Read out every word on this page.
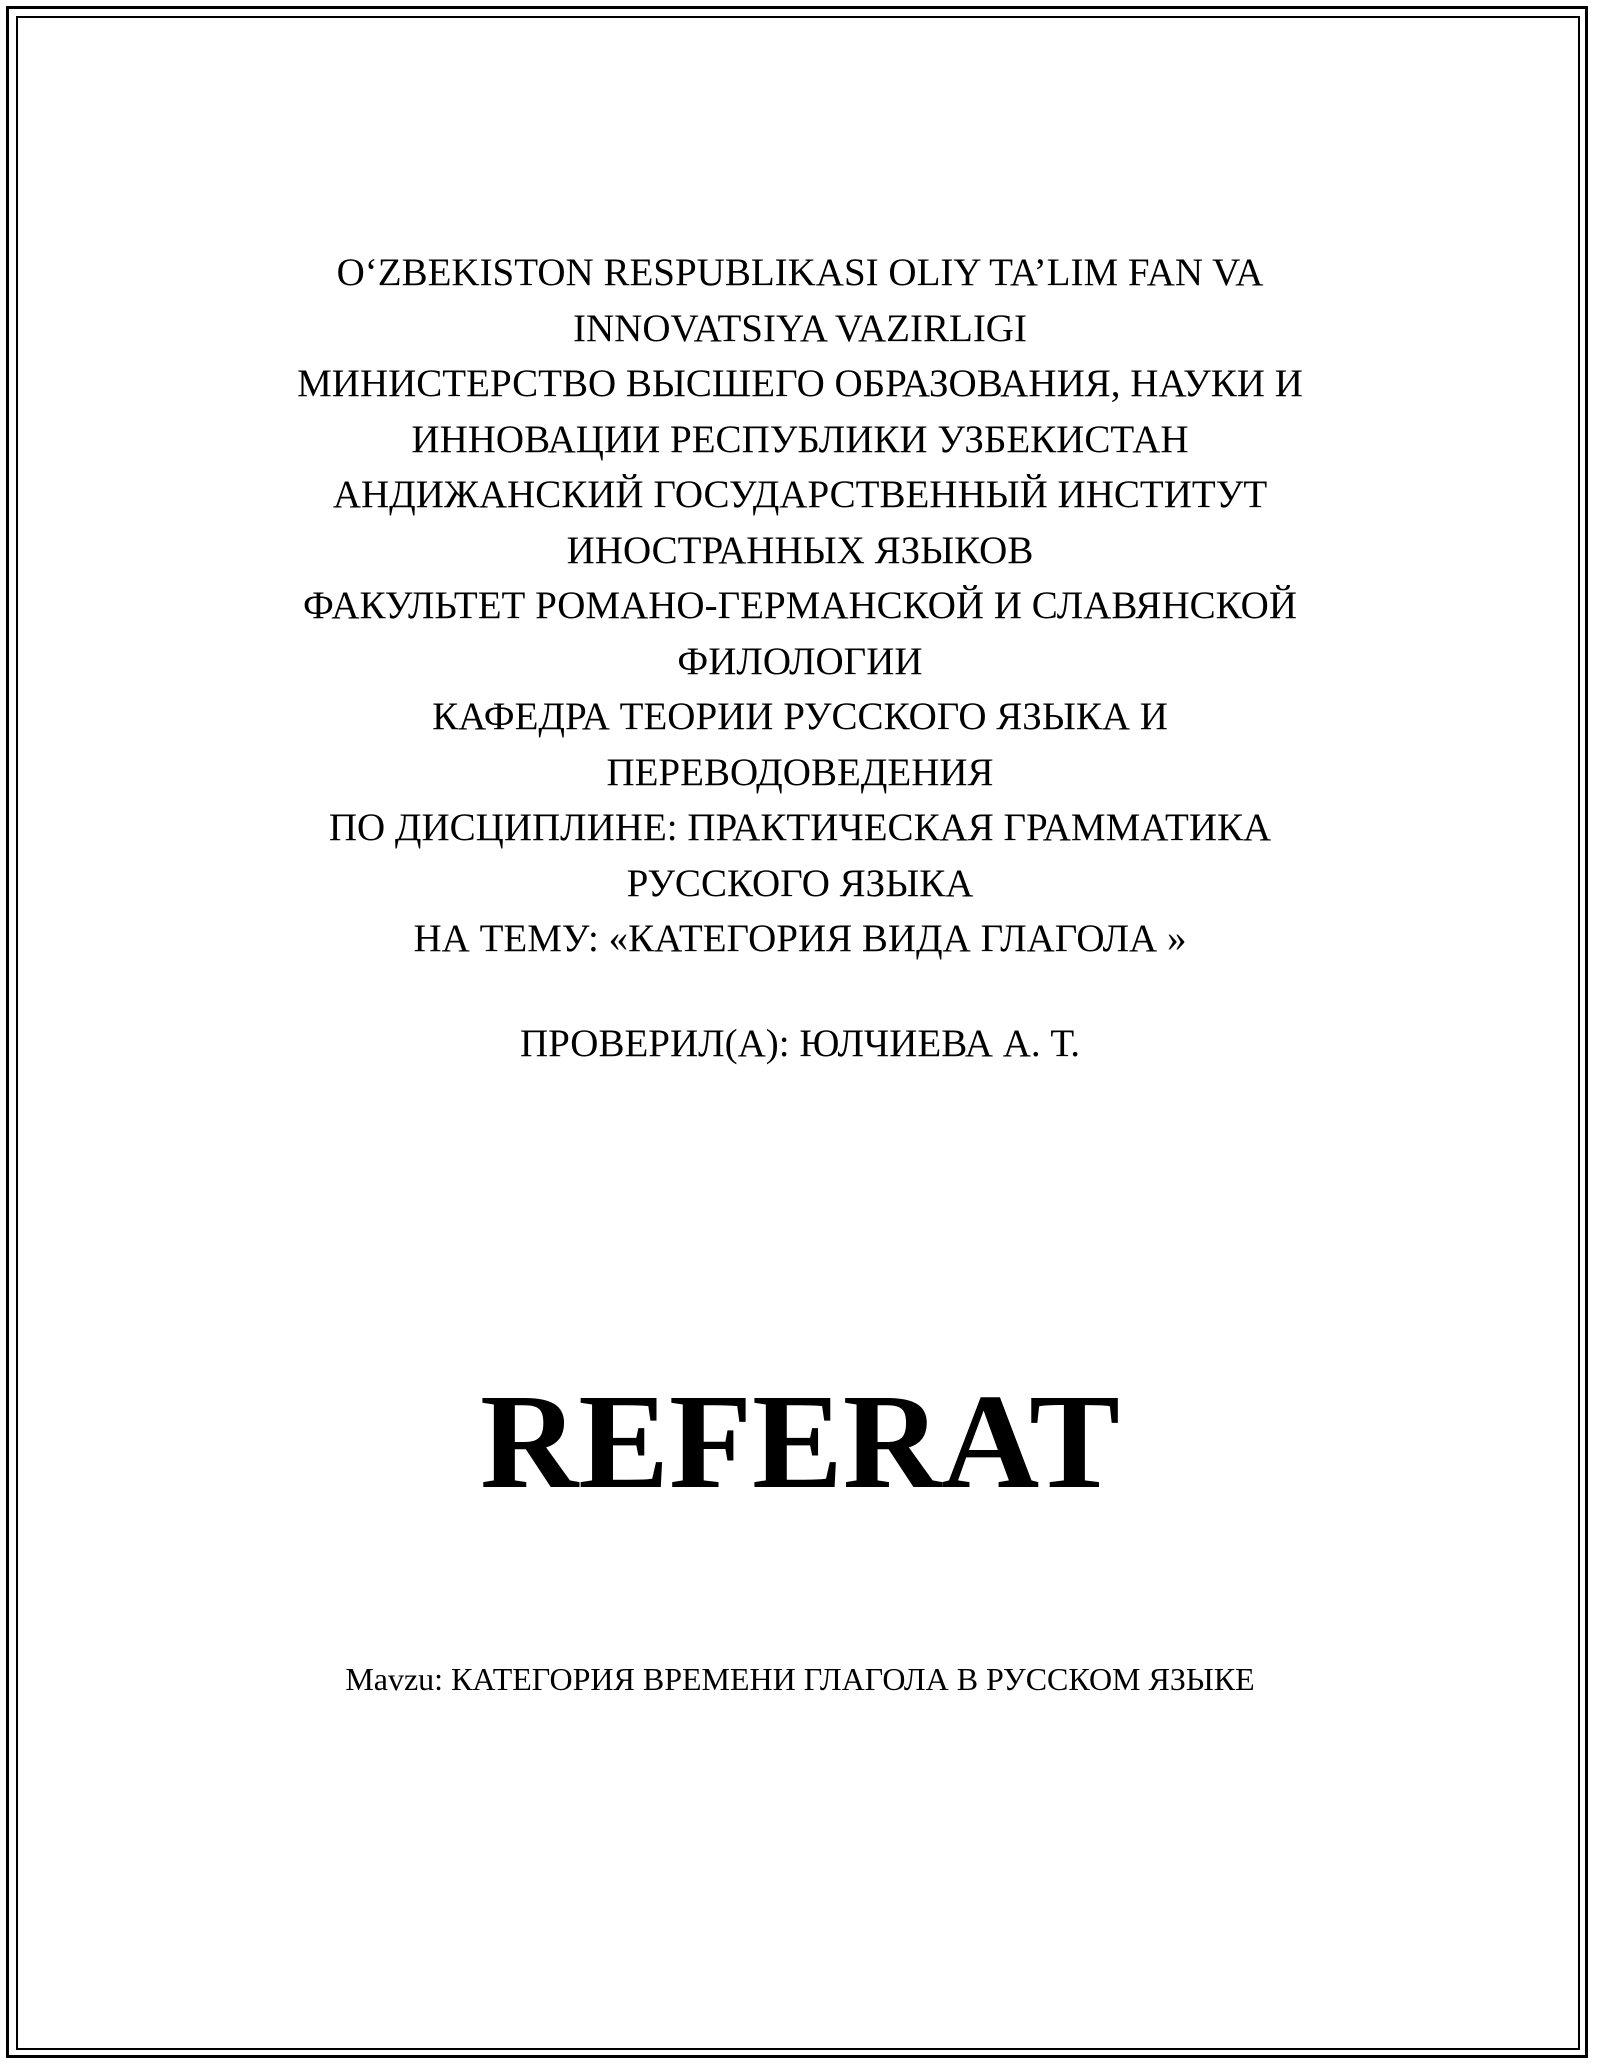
O‘ZBEKISTON RESPUBLIKASI OLIY TA’LIM FAN VA
INNOVATSIYA VAZIRLIGI
МИНИСТЕРСТВО ВЫСШЕГО ОБРАЗОВАНИЯ, НАУКИ И
ИННОВАЦИИ РЕСПУБЛИКИ УЗБЕКИСТАН
АНДИЖАНСКИЙ ГОСУДАРСТВЕННЫЙ ИНСТИТУТ
ИНОСТРАННЫХ ЯЗЫКОВ
ФАКУЛЬТЕТ РОМАНО-ГЕРМАНСКОЙ И СЛАВЯНСКОЙ
ФИЛОЛОГИИ
КАФЕДРА ТЕОРИИ РУССКОГО ЯЗЫКА И
ПЕРЕВОДОВЕДЕНИЯ
ПО ДИСЦИПЛИНЕ: ПРАКТИЧЕСКАЯ ГРАММАТИКА
РУССКОГО ЯЗЫКА
НА ТЕМУ: «КАТЕГОРИЯ ВИДА ГЛАГОЛА »
ПРОВЕРИЛ(А): ЮЛЧИЕВА А. Т.
REFERAT
Mavzu: КАТЕГОРИЯ ВРЕМЕНИ ГЛАГОЛА В РУССКОМ ЯЗЫКЕ
